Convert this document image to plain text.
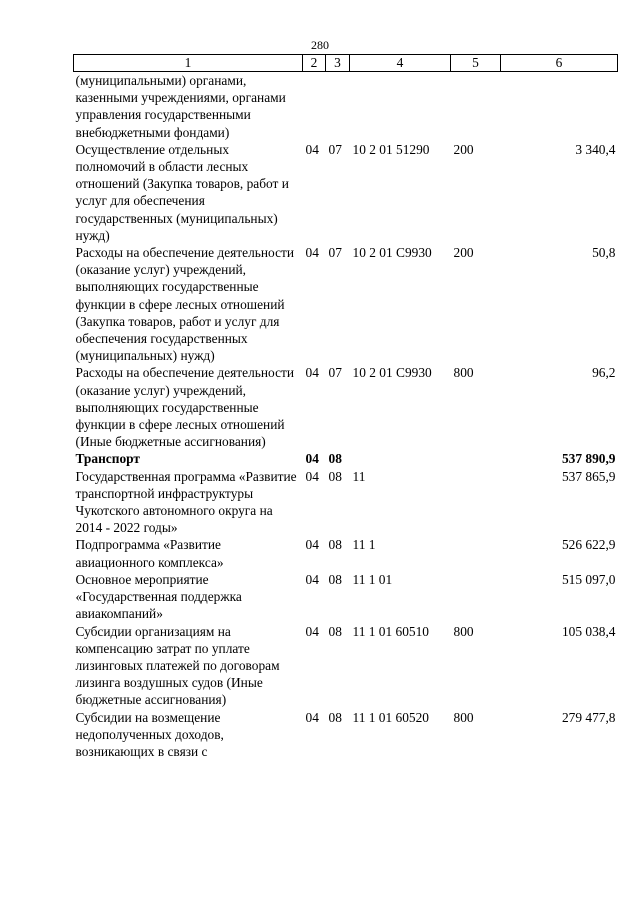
280
1	2	3	4	5	6
(муниципальными) органами, казенными учреждениями, органами управления государственными внебюджетными фондами)					
Осуществление отдельных полномочий в области лесных отношений (Закупка товаров, работ и услуг для обеспечения государственных (муниципальных) нужд)	04	07	10 2 01 51290	200	3 340,4
Расходы на обеспечение деятельности (оказание услуг) учреждений, выполняющих государственные функции в сфере лесных отношений (Закупка товаров, работ и услуг для обеспечения государственных (муниципальных) нужд)	04	07	10 2 01 С9930	200	50,8
Расходы на обеспечение деятельности (оказание услуг) учреждений, выполняющих государственные функции в сфере лесных отношений (Иные бюджетные ассигнования)	04	07	10 2 01 С9930	800	96,2
Транспорт	04	08			537 890,9
Государственная программа «Развитие транспортной инфраструктуры Чукотского автономного округа на 2014 - 2022 годы»	04	08	11		537 865,9
Подпрограмма «Развитие авиационного комплекса»	04	08	11 1		526 622,9
Основное мероприятие «Государственная поддержка авиакомпаний»	04	08	11 1 01		515 097,0
Субсидии организациям на компенсацию затрат по уплате лизинговых платежей по договорам лизинга воздушных судов (Иные бюджетные ассигнования)	04	08	11 1 01 60510	800	105 038,4
Субсидии на возмещение недополученных доходов, возникающих в связи с	04	08	11 1 01 60520	800	279 477,8
